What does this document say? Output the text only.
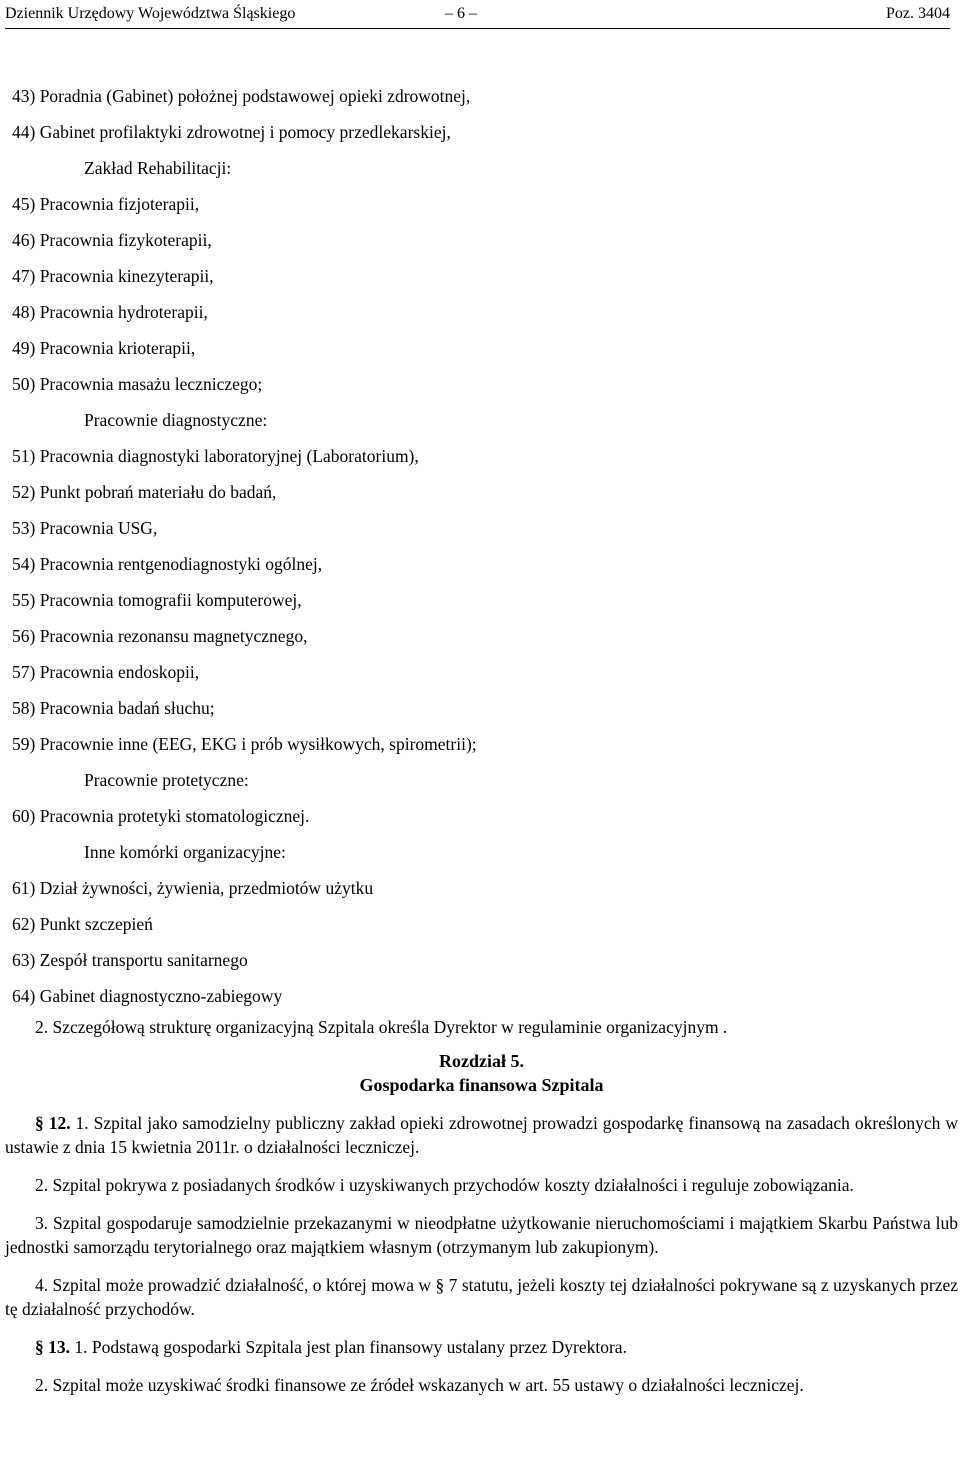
Dziennik Urzędowy Województwa Śląskiego	– 6 –	Poz. 3404
43) Poradnia (Gabinet) położnej podstawowej opieki zdrowotnej,
44) Gabinet profilaktyki zdrowotnej i pomocy przedlekarskiej,
Zakład Rehabilitacji:
45) Pracownia fizjoterapii,
46) Pracownia fizykoterapii,
47) Pracownia kinezyterapii,
48) Pracownia hydroterapii,
49) Pracownia krioterapii,
50) Pracownia masażu leczniczego;
Pracownie diagnostyczne:
51) Pracownia diagnostyki laboratoryjnej (Laboratorium),
52) Punkt pobrań materiału do badań,
53) Pracownia USG,
54) Pracownia rentgenodiagnostyki ogólnej,
55) Pracownia tomografii komputerowej,
56) Pracownia rezonansu magnetycznego,
57) Pracownia endoskopii,
58) Pracownia badań słuchu;
59) Pracownie inne (EEG, EKG i prób wysiłkowych, spirometrii);
Pracownie protetyczne:
60) Pracownia protetyki stomatologicznej.
Inne komórki organizacyjne:
61) Dział żywności, żywienia, przedmiotów użytku
62) Punkt szczepień
63) Zespół transportu sanitarnego
64) Gabinet diagnostyczno-zabiegowy

2. Szczegółową strukturę organizacyjną Szpitala określa Dyrektor w regulaminie organizacyjnym .

Rozdział 5.
Gospodarka finansowa Szpitala

§ 12. 1. Szpital jako samodzielny publiczny zakład opieki zdrowotnej prowadzi gospodarkę finansową na zasadach określonych w ustawie z dnia 15 kwietnia 2011r. o działalności leczniczej.

2. Szpital pokrywa z posiadanych środków i uzyskiwanych przychodów koszty działalności i reguluje zobowiązania.

3. Szpital gospodaruje samodzielnie przekazanymi w nieodpłatne użytkowanie nieruchomościami i majątkiem Skarbu Państwa lub jednostki samorządu terytorialnego oraz majątkiem własnym (otrzymanym lub zakupionym).

4. Szpital może prowadzić działalność, o której mowa w § 7 statutu, jeżeli koszty tej działalności pokrywane są z uzyskanych przez tę działalność przychodów.

§ 13. 1. Podstawą gospodarki Szpitala jest plan finansowy ustalany przez Dyrektora.

2. Szpital może uzyskiwać środki finansowe ze źródeł wskazanych w art. 55 ustawy o działalności leczniczej.
